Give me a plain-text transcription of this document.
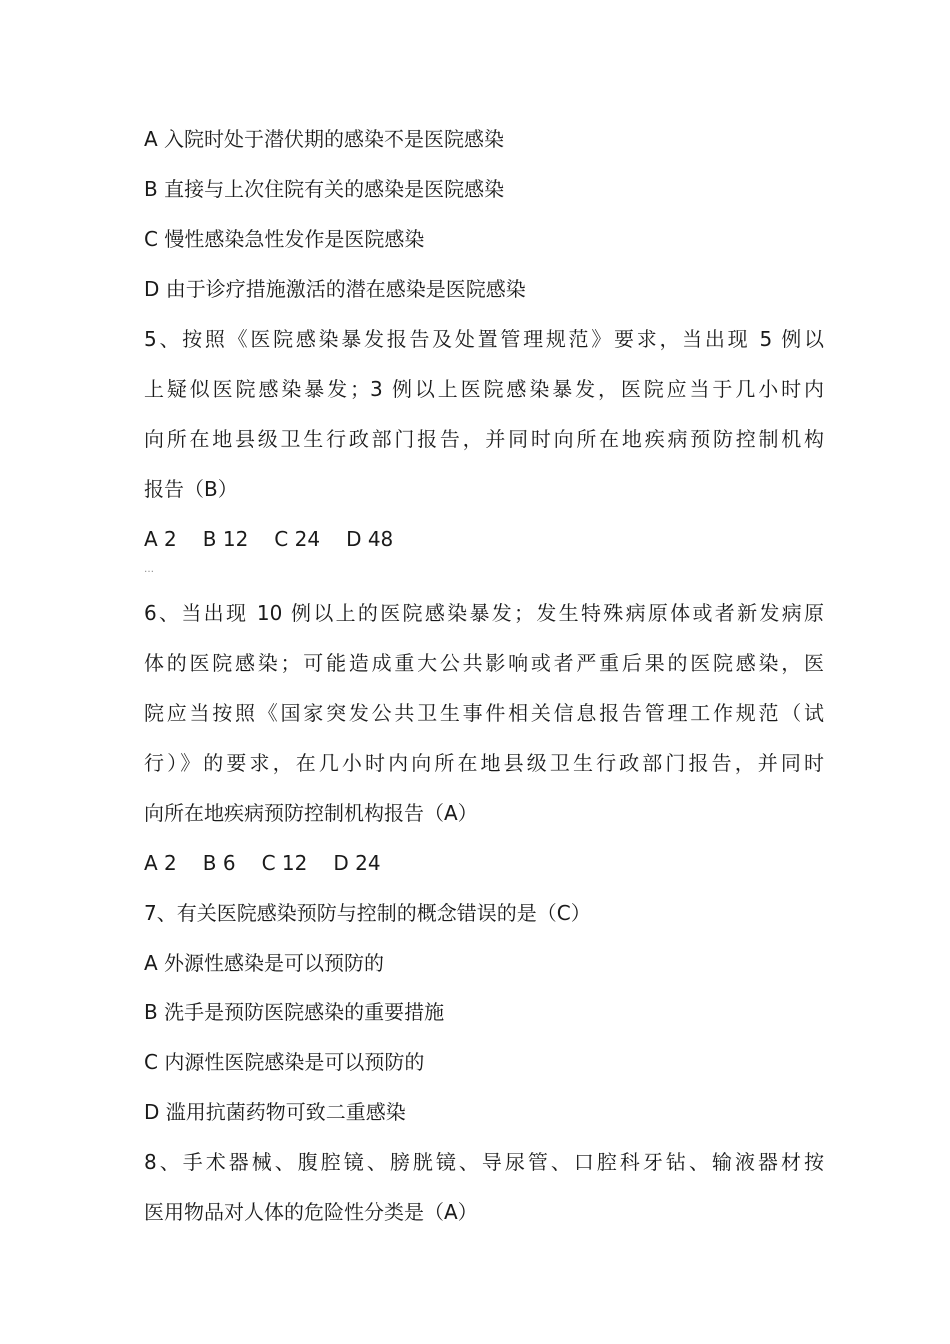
A 入院时处于潜伏期的感染不是医院感染
B 直接与上次住院有关的感染是医院感染
C 慢性感染急性发作是医院感染
D 由于诊疗措施激活的潜在感染是医院感染
5、按照《医院感染暴发报告及处置管理规范》要求，当出现 5 例以
上疑似医院感染暴发；3 例以上医院感染暴发，医院应当于几小时内
向所在地县级卫生行政部门报告，并同时向所在地疾病预防控制机构
报告（B）
A 2 B 12 C 24 D 48
…
6、当出现 10 例以上的医院感染暴发；发生特殊病原体或者新发病原
体的医院感染；可能造成重大公共影响或者严重后果的医院感染，医
院应当按照《国家突发公共卫生事件相关信息报告管理工作规范（试
行）》的要求，在几小时内向所在地县级卫生行政部门报告，并同时
向所在地疾病预防控制机构报告（A）
A 2 B 6 C 12 D 24
7、有关医院感染预防与控制的概念错误的是（C）
A 外源性感染是可以预防的
B 洗手是预防医院感染的重要措施
C 内源性医院感染是可以预防的
D 滥用抗菌药物可致二重感染
8、手术器械、腹腔镜、膀胱镜、导尿管、口腔科牙钻、输液器材按
医用物品对人体的危险性分类是（A）
